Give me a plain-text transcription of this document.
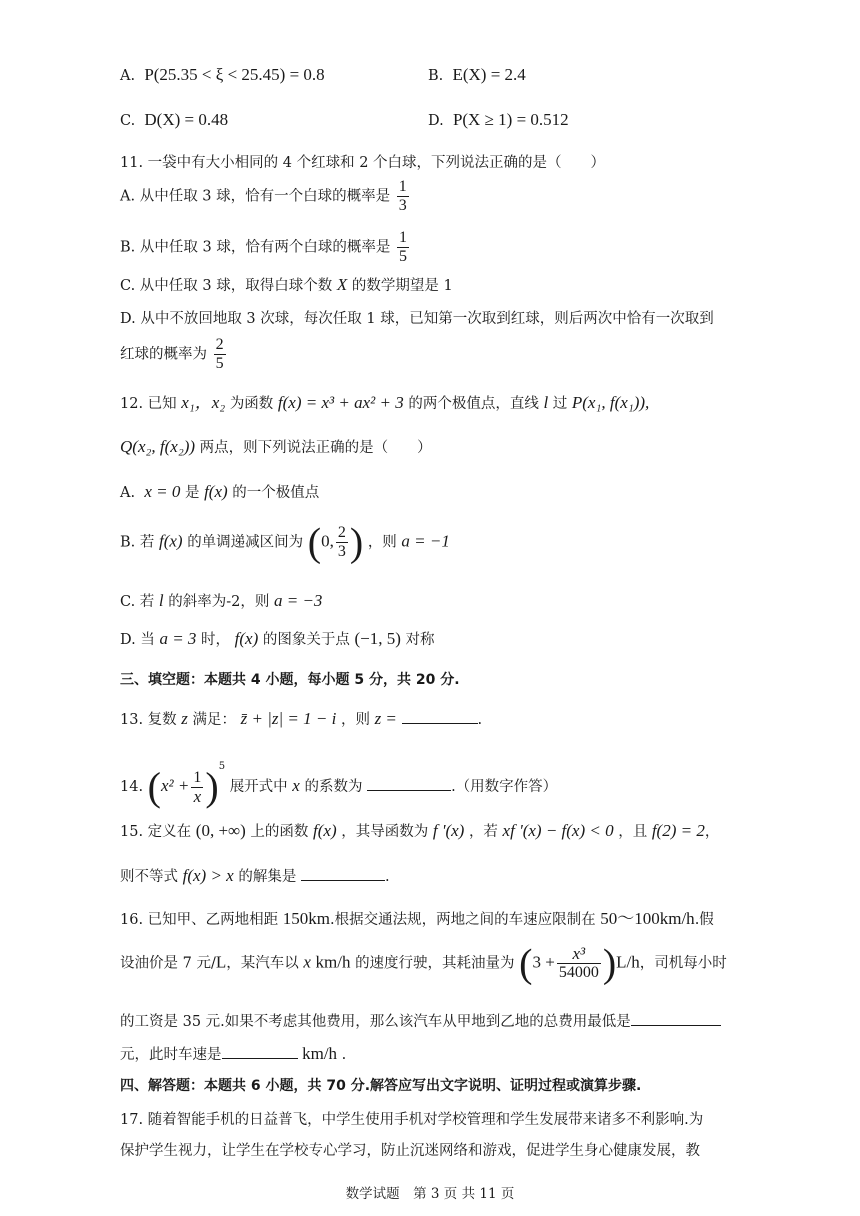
A. P(25.35 < ξ < 25.45) = 0.8	B. E(X) = 2.4
C. D(X) = 0.48	D. P(X ≥ 1) = 0.512
11. 一袋中有大小相同的 4 个红球和 2 个白球，下列说法正确的是（　　）
A. 从中任取 3 球，恰有一个白球的概率是 $\frac{1}{3}$
B. 从中任取 3 球，恰有两个白球的概率是 $\frac{1}{5}$
C. 从中任取 3 球，取得白球个数 X 的数学期望是 1
D. 从中不放回地取 3 次球，每次任取 1 球，已知第一次取到红球，则后两次中恰有一次取到
红球的概率为 $\frac{2}{5}$
12. 已知 x₁，x₂ 为函数 f(x) = x³ + ax² + 3 的两个极值点，直线 l 过 P(x₁, f(x₁)),
Q(x₂, f(x₂)) 两点，则下列说法正确的是（　　）
A. x = 0 是 f(x) 的一个极值点
B. 若 f(x) 的单调递减区间为 (0, $\frac{2}{3}$ ) ，则 a = −1
C. 若 l 的斜率为-2，则 a = −3
D. 当 a = 3 时， f(x) 的图象关于点 (−1, 5) 对称
三、填空题：本题共 4 小题，每小题 5 分，共 20 分.
13. 复数 z 满足： z̄ + |z| = 1 − i ，则 z =	.
14. $(x^2 + \frac{1}{x} )^5$ 展开式中 x 的系数为	.（用数字作答）
15. 定义在 (0, +∞) 上的函数 f(x) ，其导函数为 f '(x) ，若 xf '(x) − f(x) < 0 ，且 f(2) = 2，
则不等式 f(x) > x 的解集是	.
16. 已知甲、乙两地相距 150km.根据交通法规，两地之间的车速应限制在 50～100km/h.假
设油价是 7 元/L，某汽车以 x km/h 的速度行驶，其耗油量为 $(3 + \frac{\text{x³}}{54000} )L/h$，司机每小时
的工资是 35 元.如果不考虑其他费用，那么该汽车从甲地到乙地的总费用最低是
元，此时车速是	km/h .
四、解答题：本题共 6 小题，共 70 分.解答应写出文字说明、证明过程或演算步骤.
17. 随着智能手机的日益普飞，中学生使用手机对学校管理和学生发展带来诸多不利影响.为
保护学生视力，让学生在学校专心学习，防止沉迷网络和游戏，促进学生身心健康发展，教
数学试题　第 3 页 共 11 页
